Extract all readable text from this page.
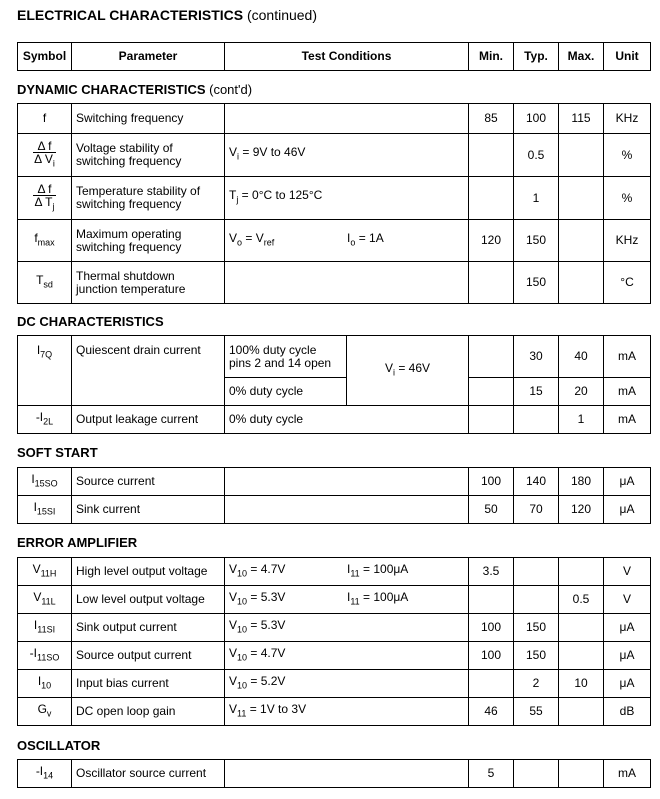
ELECTRICAL CHARACTERISTICS (continued)
Symbol	Parameter	Test Conditions	Min.	Typ.	Max.	Unit
DYNAMIC CHARACTERISTICS (cont'd)
f	Switching frequency		85	100	115	KHz

$\frac{\text{Δ f}}{\Delta V_i}$	Voltage stability of
switching frequency	$V_i = 9V$ to 46V		0.5		%

$\frac{\text{Δ f}}{\Delta T_j}$	Temperature stability of
switching frequency	$T_j = 0^\circ C$ to 125°C		1		%
$f_{max}$	Maximum operating
switching frequency	$V_o = V_{ref}$ $I_o = 1A$	120	150		KHz
$T_{sd}$	Thermal shutdown
junction temperature			150		°C
DC CHARACTERISTICS
$I_{7Q}$	Quiescent drain current	100% duty cycle
pins 2 and 14 open	$V_i = 46V$		30	40	mA
		0% duty cycle			15	20	mA
$-I_{2L}$	Output leakage current	0% duty cycle				1	mA
SOFT START
$I_{15SO}$	Source current		100	140	180	μA
$I_{15SI}$	Sink current		50	70	120	μA
ERROR AMPLIFIER
$V_{11H}$	High level output voltage	$V_{10} = 4.7V$ $I_{11} = 100\mu A$	3.5			V
$V_{11L}$	Low level output voltage	$V_{10} = 5.3V$ $I_{11} = 100\mu A$			0.5	V
$I_{11SI}$	Sink output current	$V_{10} = 5.3V$	100	150		μA
$-I_{11SO}$	Source output current	$V_{10} = 4.7V$	100	150		μA
$I_{10}$	Input bias current	$V_{10} = 5.2V$		2	10	μA
$G_v$	DC open loop gain	$V_{11} = 1V$ to 3V	46	55		dB
OSCILLATOR
$-I_{14}$	Oscillator source current		5			mA
